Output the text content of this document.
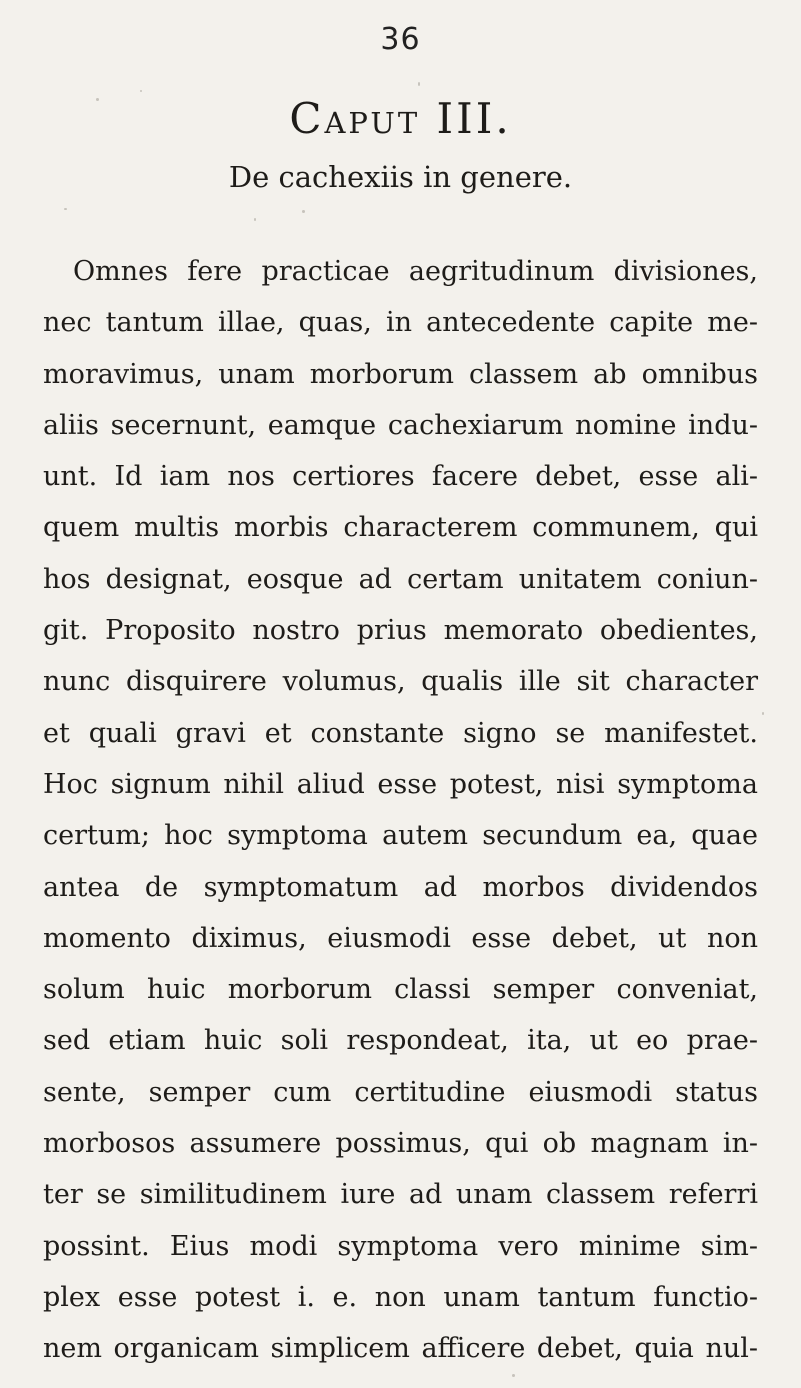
36
Caput III.
De cachexiis in genere.
Omnes fere practicae aegritudinum divisiones,
nec tantum illae, quas, in antecedente capite me-
moravimus, unam morborum classem ab omnibus
aliis secernunt, eamque cachexiarum nomine indu-
unt. Id iam nos certiores facere debet, esse ali-
quem multis morbis characterem communem, qui
hos designat, eosque ad certam unitatem coniun-
git. Proposito nostro prius memorato obedientes,
nunc disquirere volumus, qualis ille sit character
et quali gravi et constante signo se manifestet.
Hoc signum nihil aliud esse potest, nisi symptoma
certum; hoc symptoma autem secundum ea, quae
antea de symptomatum ad morbos dividendos
momento diximus, eiusmodi esse debet, ut non
solum huic morborum classi semper conveniat,
sed etiam huic soli respondeat, ita, ut eo prae-
sente, semper cum certitudine eiusmodi status
morbosos assumere possimus, qui ob magnam in-
ter se similitudinem iure ad unam classem referri
possint. Eius modi symptoma vero minime sim-
plex esse potest i. e. non unam tantum functio-
nem organicam simplicem afficere debet, quia nul-
